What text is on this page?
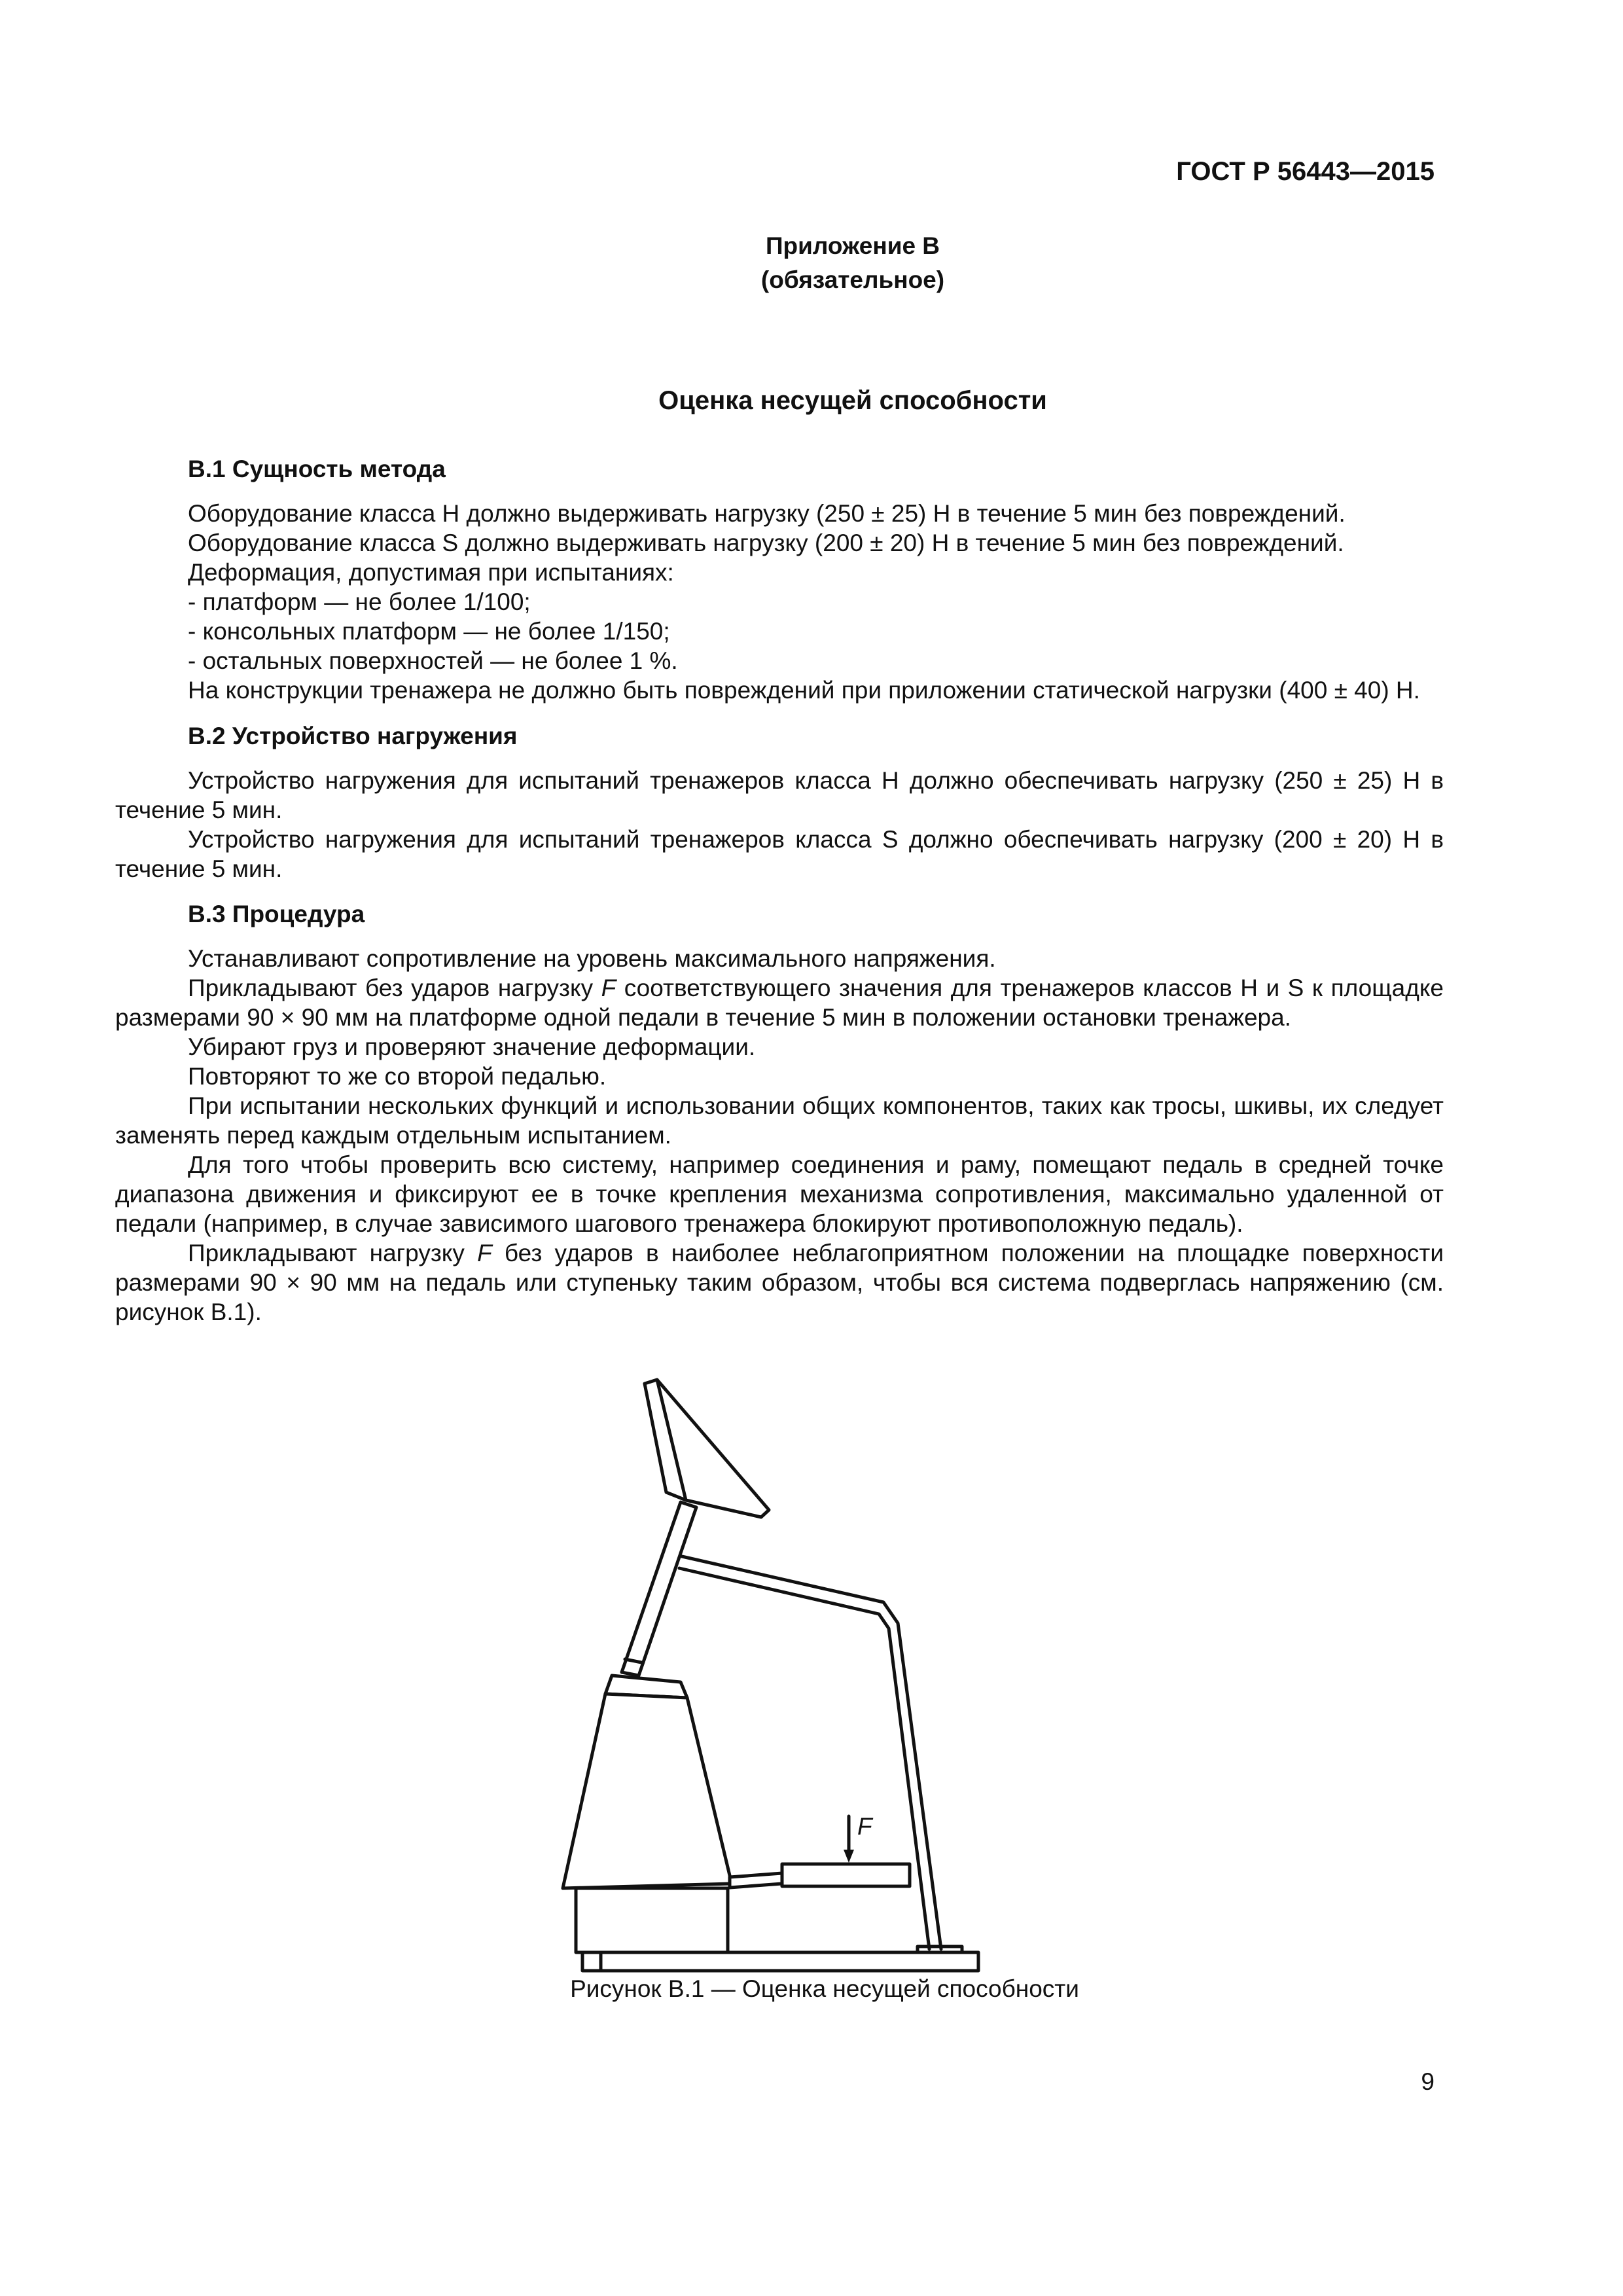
ГОСТ Р 56443—2015
Приложение В
(обязательное)
Оценка несущей способности
В.1 Сущность метода
Оборудование класса Н должно выдерживать нагрузку (250 ± 25) Н в течение 5 мин без повреждений.
Оборудование класса S должно выдерживать нагрузку (200 ± 20) Н в течение 5 мин без повреждений.
Деформация, допустимая при испытаниях:
- платформ — не более 1/100;
- консольных платформ — не более 1/150;
- остальных поверхностей — не более 1 %.
На конструкции тренажера не должно быть повреждений при приложении статической нагрузки (400 ± 40) Н.
В.2 Устройство нагружения

Устройство нагружения для испытаний тренажеров класса Н должно обеспечивать нагрузку (250 ± 25) Н в течение 5 мин.

Устройство нагружения для испытаний тренажеров класса S должно обеспечивать нагрузку (200 ± 20) Н в течение 5 мин.

В.3 Процедура

Устанавливают сопротивление на уровень максимального напряжения.

Прикладывают без ударов нагрузку F соответствующего значения для тренажеров классов Н и S к площадке размерами 90 × 90 мм на платформе одной педали в течение 5 мин в положении остановки тренажера.

Убирают груз и проверяют значение деформации.

Повторяют то же со второй педалью.

При испытании нескольких функций и использовании общих компонентов, таких как тросы, шкивы, их следует заменять перед каждым отдельным испытанием.

Для того чтобы проверить всю систему, например соединения и раму, помещают педаль в средней точке диапазона движения и фиксируют ее в точке крепления механизма сопротивления, максимально удаленной от педали (например, в случае зависимого шагового тренажера блокируют противоположную педаль).

Прикладывают нагрузку F без ударов в наиболее неблагоприятном положении на площадке поверхности размерами 90 × 90 мм на педаль или ступеньку таким образом, чтобы вся система подверглась напряжению (см. рисунок В.1).

F
Рисунок В.1 — Оценка несущей способности
9
